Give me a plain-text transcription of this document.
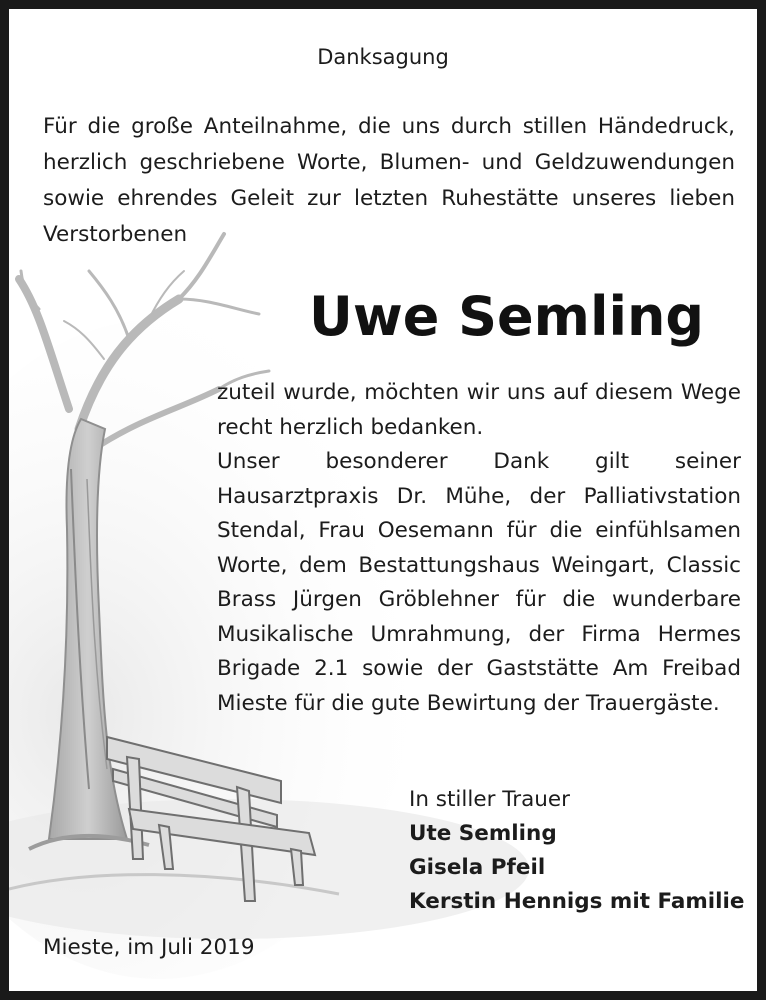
Danksagung

Für die große Anteilnahme, die uns durch stillen Händedruck, herzlich geschriebene Worte, Blumen- und Geldzuwendungen sowie ehrendes Geleit zur letzten Ruhestätte unseres lieben Verstorbenen

Uwe Semling

zuteil wurde, möchten wir uns auf diesem Wege recht herzlich bedanken.

Unser besonderer Dank gilt seiner Hausarztpraxis Dr. Mühe, der Palliativstation Stendal, Frau Oesemann für die einfühlsamen Worte, dem Bestattungshaus Weingart, Classic Brass Jürgen Gröblehner für die wunderbare Musikalische Umrahmung, der Firma Hermes Brigade 2.1 sowie der Gaststätte Am Freibad Mieste für die gute Bewirtung der Trauergäste.

In stiller Trauer
Ute Semling
Gisela Pfeil
Kerstin Hennigs mit Familie

Mieste, im Juli 2019
